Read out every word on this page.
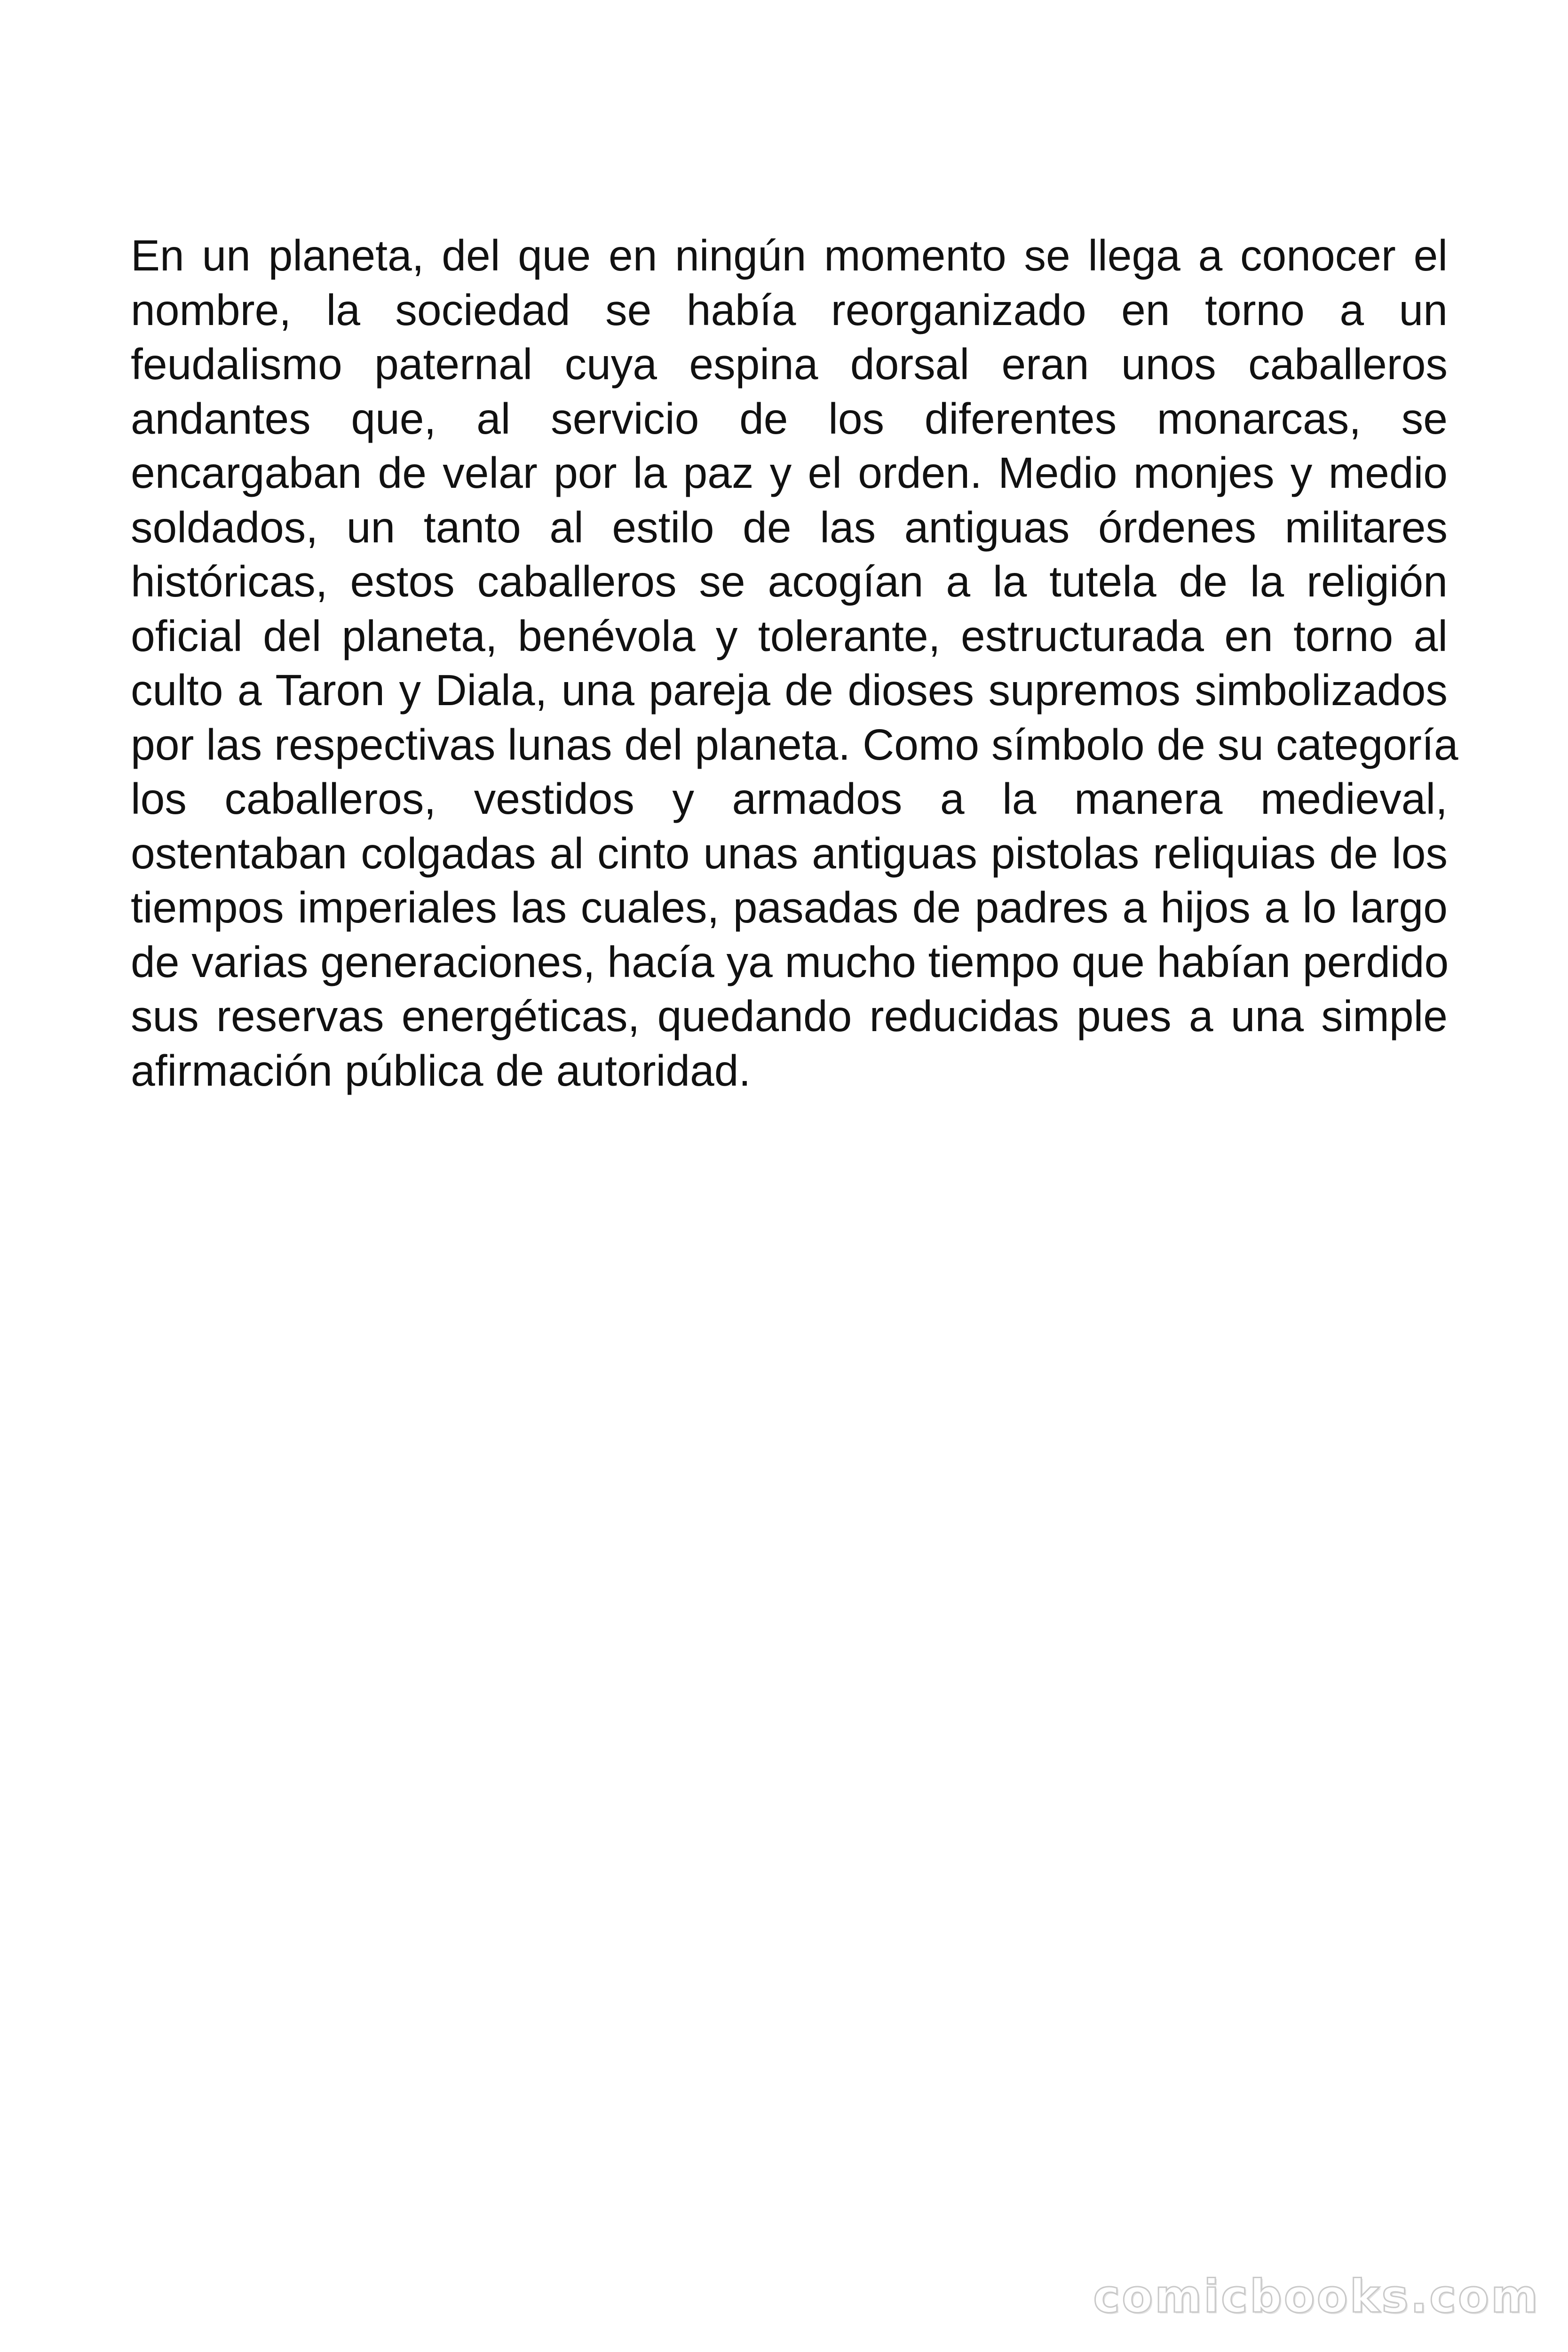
En un planeta, del que en ningún momento se llega a conocer el
nombre, la sociedad se había reorganizado en torno a un
feudalismo paternal cuya espina dorsal eran unos caballeros
andantes que, al servicio de los diferentes monarcas, se
encargaban de velar por la paz y el orden. Medio monjes y medio
soldados, un tanto al estilo de las antiguas órdenes militares
históricas, estos caballeros se acogían a la tutela de la religión
oficial del planeta, benévola y tolerante, estructurada en torno al
culto a Taron y Diala, una pareja de dioses supremos simbolizados
por las respectivas lunas del planeta. Como símbolo de su categoría
los caballeros, vestidos y armados a la manera medieval,
ostentaban colgadas al cinto unas antiguas pistolas reliquias de los
tiempos imperiales las cuales, pasadas de padres a hijos a lo largo
de varias generaciones, hacía ya mucho tiempo que habían perdido
sus reservas energéticas, quedando reducidas pues a una simple
afirmación pública de autoridad.
comicbooks.com
